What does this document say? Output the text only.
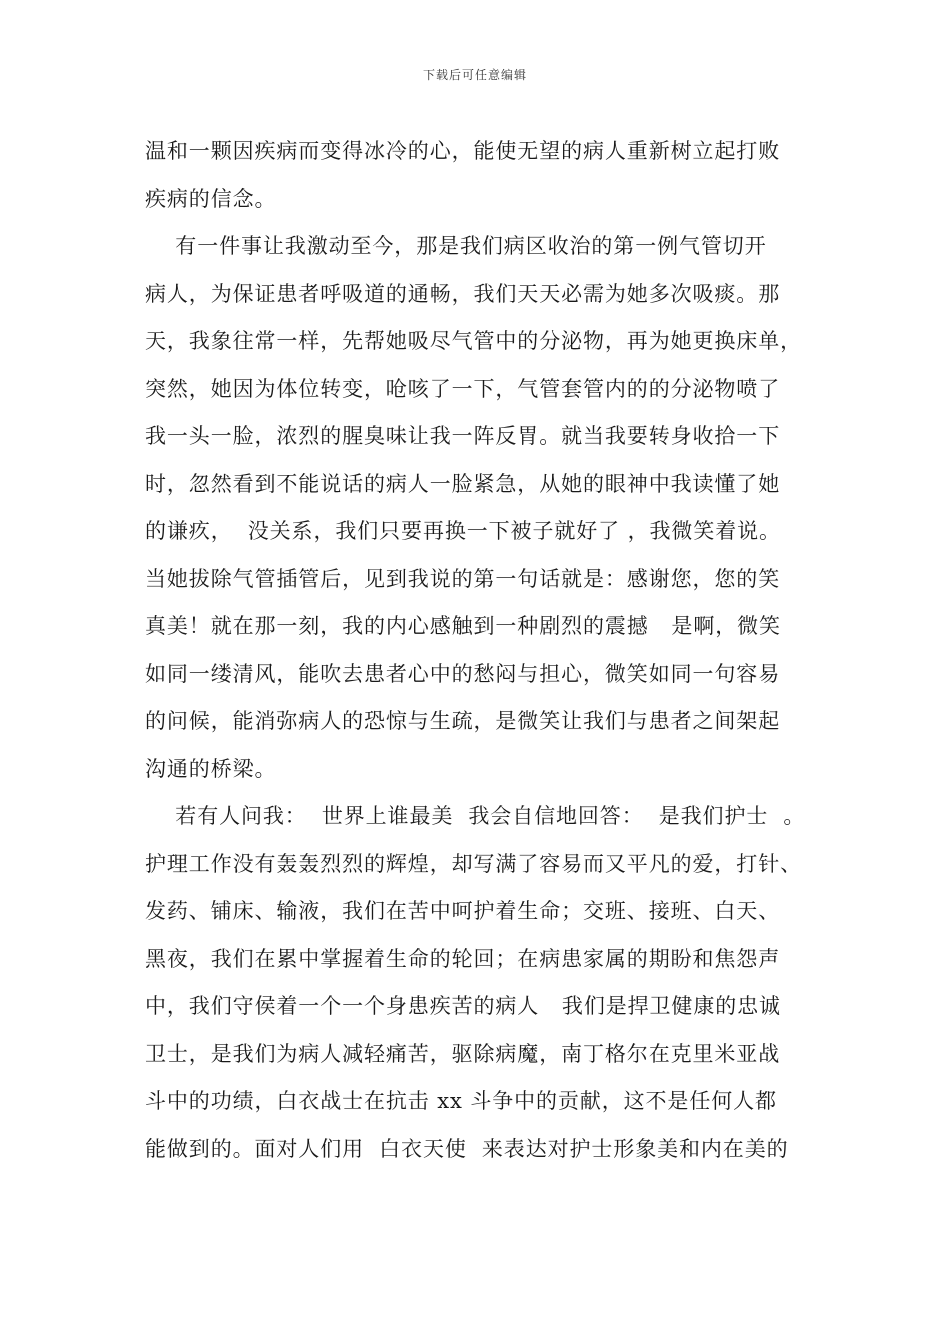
下载后可任意编辑
温和一颗因疾病而变得冰冷的心，能使无望的病人重新树立起打败
疾病的信念。
有一件事让我激动至今，那是我们病区收治的第一例气管切开
病人，为保证患者呼吸道的通畅，我们天天必需为她多次吸痰。那
天，我象往常一样，先帮她吸尽气管中的分泌物，再为她更换床单，
突然，她因为体位转变，呛咳了一下，气管套管内的的分泌物喷了
我一头一脸，浓烈的腥臭味让我一阵反胃。就当我要转身收拾一下
时，忽然看到不能说话的病人一脸紧急，从她的眼神中我读懂了她
的谦疚，  没关系，我们只要再换一下被子就好了 ，我微笑着说。
当她拔除气管插管后，见到我说的第一句话就是：感谢您，您的笑
真美！就在那一刻，我的内心感触到一种剧烈的震撼   是啊，微笑
如同一缕清风，能吹去患者心中的愁闷与担心，微笑如同一句容易
的问候，能消弥病人的恐惊与生疏，是微笑让我们与患者之间架起
沟通的桥梁。
若有人问我：  世界上谁最美  我会自信地回答：  是我们护士  。
护理工作没有轰轰烈烈的辉煌，却写满了容易而又平凡的爱，打针、
发药、铺床、输液，我们在苦中呵护着生命；交班、接班、白天、
黑夜，我们在累中掌握着生命的轮回；在病患家属的期盼和焦怨声
中，我们守侯着一个一个身患疾苦的病人   我们是捍卫健康的忠诚
卫士，是我们为病人减轻痛苦，驱除病魔，南丁格尔在克里米亚战
斗中的功绩，白衣战士在抗击 xx 斗争中的贡献，这不是任何人都
能做到的。面对人们用  白衣天使  来表达对护士形象美和内在美的
